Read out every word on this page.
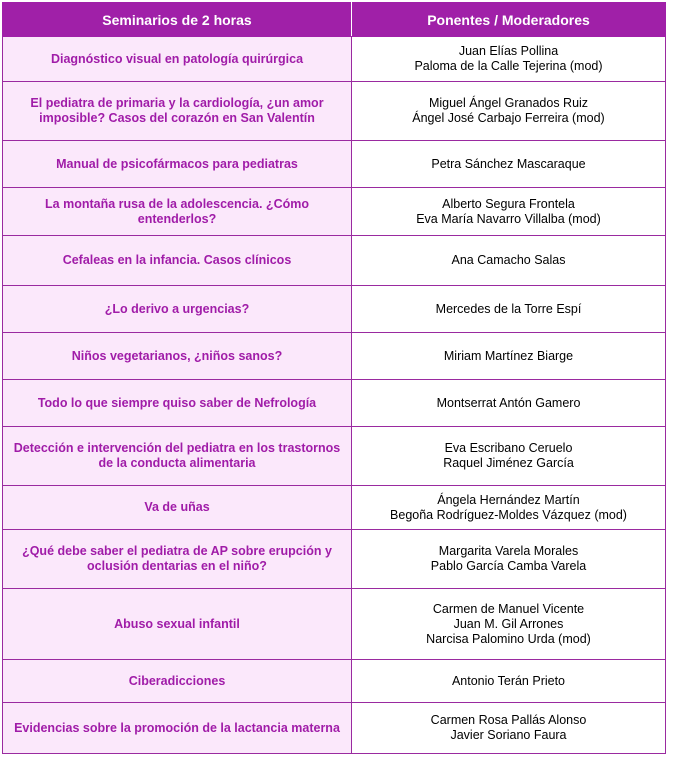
Seminarios de 2 horas	Ponentes / Moderadores
Diagnóstico visual en patología quirúrgica	Juan Elías Pollina
Paloma de la Calle Tejerina (mod)

El pediatra de primaria y la cardiología, ¿un amor imposible? Casos del corazón en San Valentín	Miguel Ángel Granados Ruiz
Ángel José Carbajo Ferreira (mod)

Manual de psicofármacos para pediatras	Petra Sánchez Mascaraque

La montaña rusa de la adolescencia. ¿Cómo entenderlos?	Alberto Segura Frontela
Eva María Navarro Villalba (mod)

Cefaleas en la infancia. Casos clínicos	Ana Camacho Salas

¿Lo derivo a urgencias?	Mercedes de la Torre Espí

Niños vegetarianos, ¿niños sanos?	Miriam Martínez Biarge

Todo lo que siempre quiso saber de Nefrología	Montserrat Antón Gamero

Detección e intervención del pediatra en los trastornos de la conducta alimentaria	Eva Escribano Ceruelo
Raquel Jiménez García

Va de uñas	Ángela Hernández Martín
Begoña Rodríguez-Moldes Vázquez (mod)

¿Qué debe saber el pediatra de AP sobre erupción y oclusión dentarias en el niño?	Margarita Varela Morales
Pablo García Camba Varela

Abuso sexual infantil	Carmen de Manuel Vicente
Juan M. Gil Arrones
Narcisa Palomino Urda (mod)

Ciberadicciones	Antonio Terán Prieto

Evidencias sobre la promoción de la lactancia materna	Carmen Rosa Pallás Alonso
Javier Soriano Faura
